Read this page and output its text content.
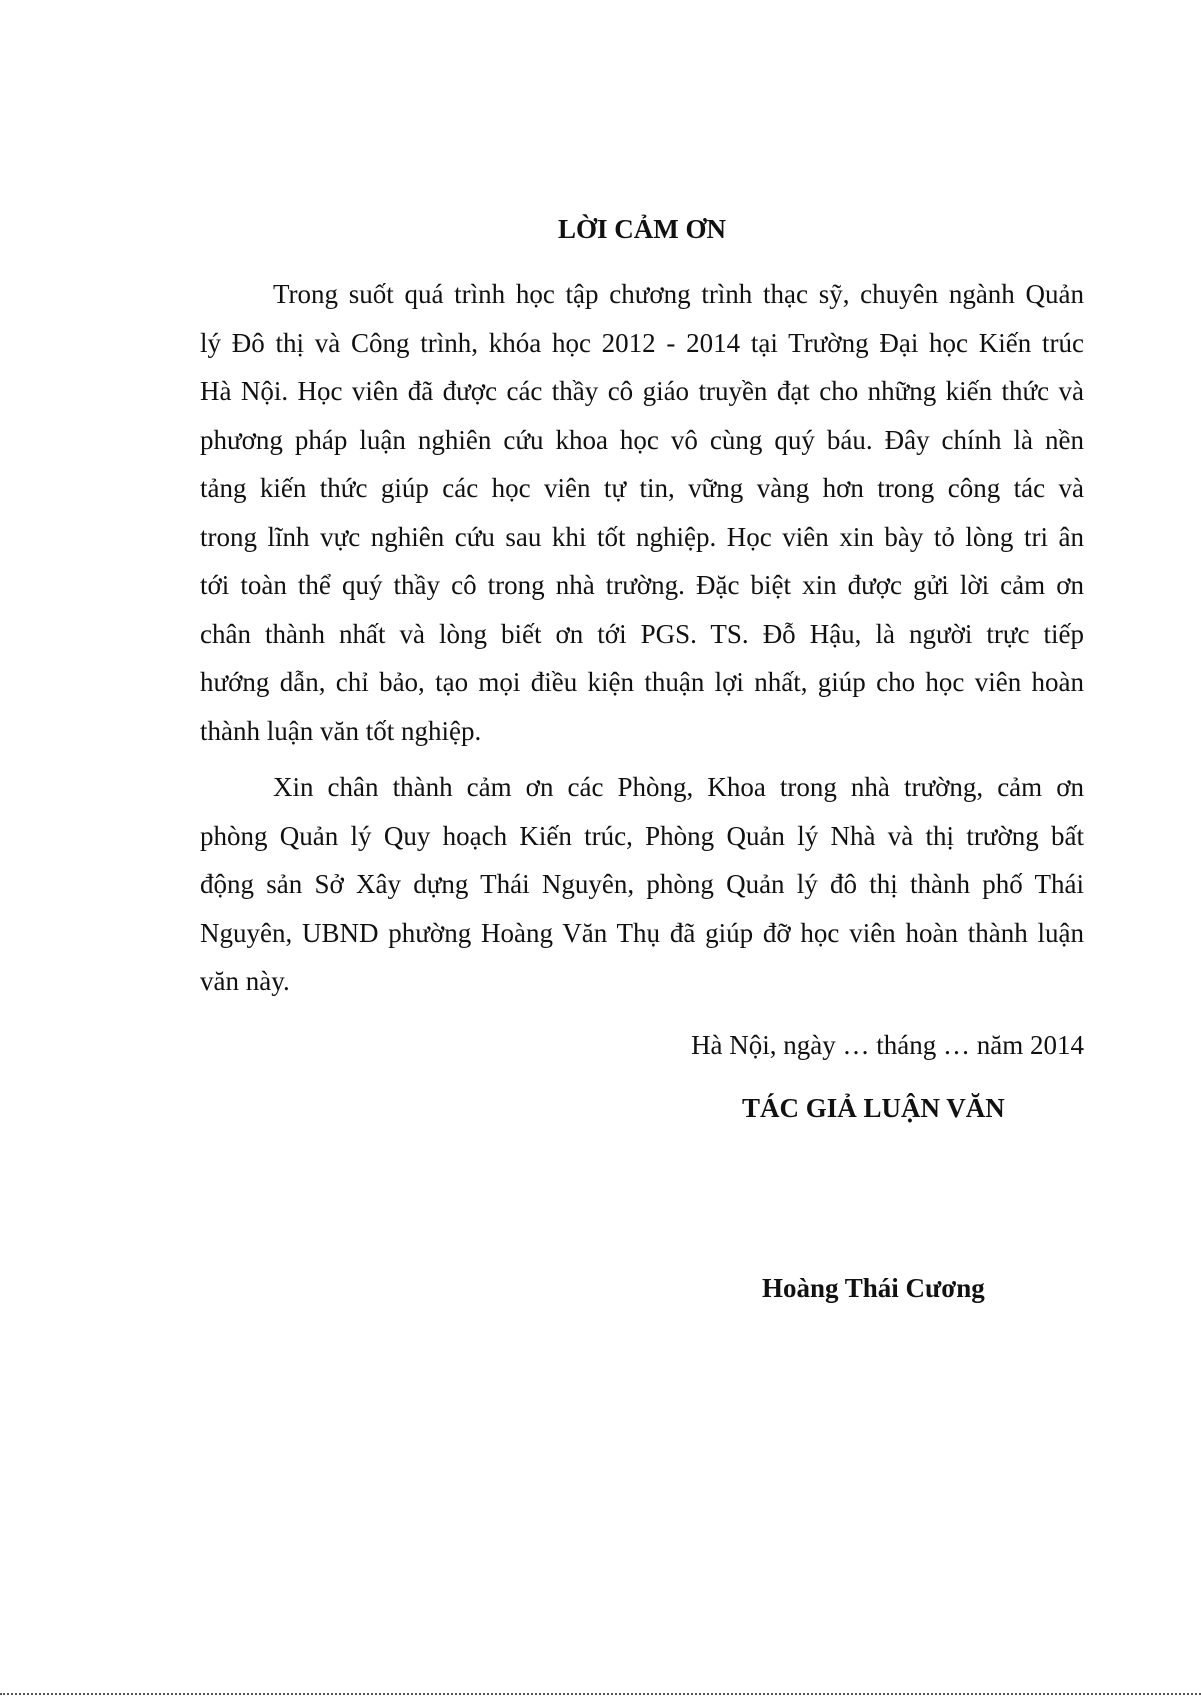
LỜI CẢM ƠN
Trong suốt quá trình học tập chương trình thạc sỹ, chuyên ngành Quản
lý Đô thị và Công trình, khóa học 2012 - 2014 tại Trường Đại học Kiến trúc
Hà Nội. Học viên đã được các thầy cô giáo truyền đạt cho những kiến thức và
phương pháp luận nghiên cứu khoa học vô cùng quý báu. Đây chính là nền
tảng kiến thức giúp các học viên tự tin, vững vàng hơn trong công tác và
trong lĩnh vực nghiên cứu sau khi tốt nghiệp. Học viên xin bày tỏ lòng tri ân
tới toàn thể quý thầy cô trong nhà trường. Đặc biệt xin được gửi lời cảm ơn
chân thành nhất và lòng biết ơn tới PGS. TS. Đỗ Hậu, là người trực tiếp
hướng dẫn, chỉ bảo, tạo mọi điều kiện thuận lợi nhất, giúp cho học viên hoàn
thành luận văn tốt nghiệp.
Xin chân thành cảm ơn các Phòng, Khoa trong nhà trường, cảm ơn
phòng Quản lý Quy hoạch Kiến trúc, Phòng Quản lý Nhà và thị trường bất
động sản Sở Xây dựng Thái Nguyên, phòng Quản lý đô thị thành phố Thái
Nguyên, UBND phường Hoàng Văn Thụ đã giúp đỡ học viên hoàn thành luận
văn này.

Hà Nội, ngày … tháng … năm 2014

TÁC GIẢ LUẬN VĂN

Hoàng Thái Cương
